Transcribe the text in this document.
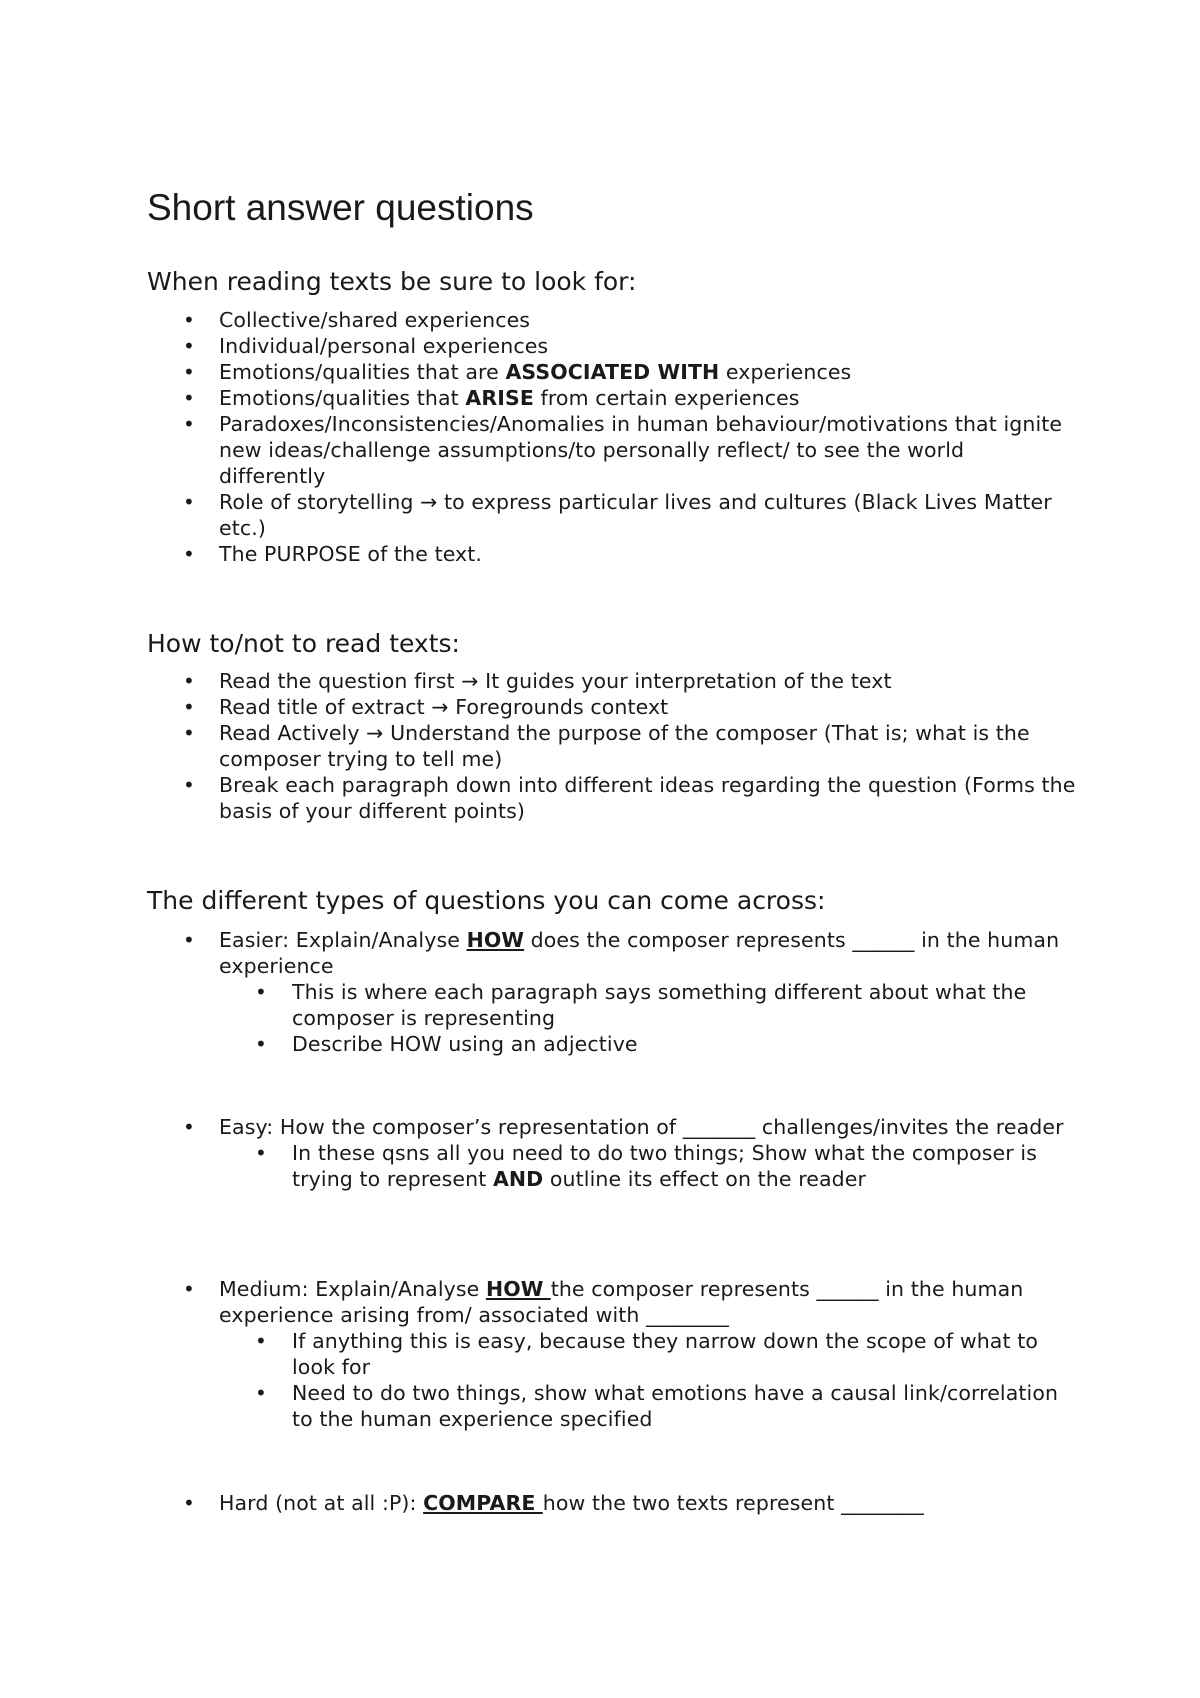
Short answer questions
When reading texts be sure to look for:
• Collective/shared experiences
• Individual/personal experiences
• Emotions/qualities that are ASSOCIATED WITH experiences
• Emotions/qualities that ARISE from certain experiences
• Paradoxes/Inconsistencies/Anomalies in human behaviour/motivations that ignite new ideas/challenge assumptions/to personally reflect/ to see the world differently
• Role of storytelling → to express particular lives and cultures (Black Lives Matter etc.)
• The PURPOSE of the text.
How to/not to read texts:
• Read the question first → It guides your interpretation of the text
• Read title of extract → Foregrounds context
• Read Actively → Understand the purpose of the composer (That is; what is the composer trying to tell me)
• Break each paragraph down into different ideas regarding the question (Forms the basis of your different points)
The different types of questions you can come across:
• Easier: Explain/Analyse HOW does the composer represents ______ in the human experience
• This is where each paragraph says something different about what the composer is representing
• Describe HOW using an adjective
• Easy: How the composer’s representation of _______ challenges/invites the reader
• In these qsns all you need to do two things; Show what the composer is trying to represent AND outline its effect on the reader
• Medium: Explain/Analyse HOW the composer represents ______ in the human experience arising from/ associated with ________
• If anything this is easy, because they narrow down the scope of what to look for
• Need to do two things, show what emotions have a causal link/correlation to the human experience specified
• Hard (not at all :P): COMPARE how the two texts represent ________
